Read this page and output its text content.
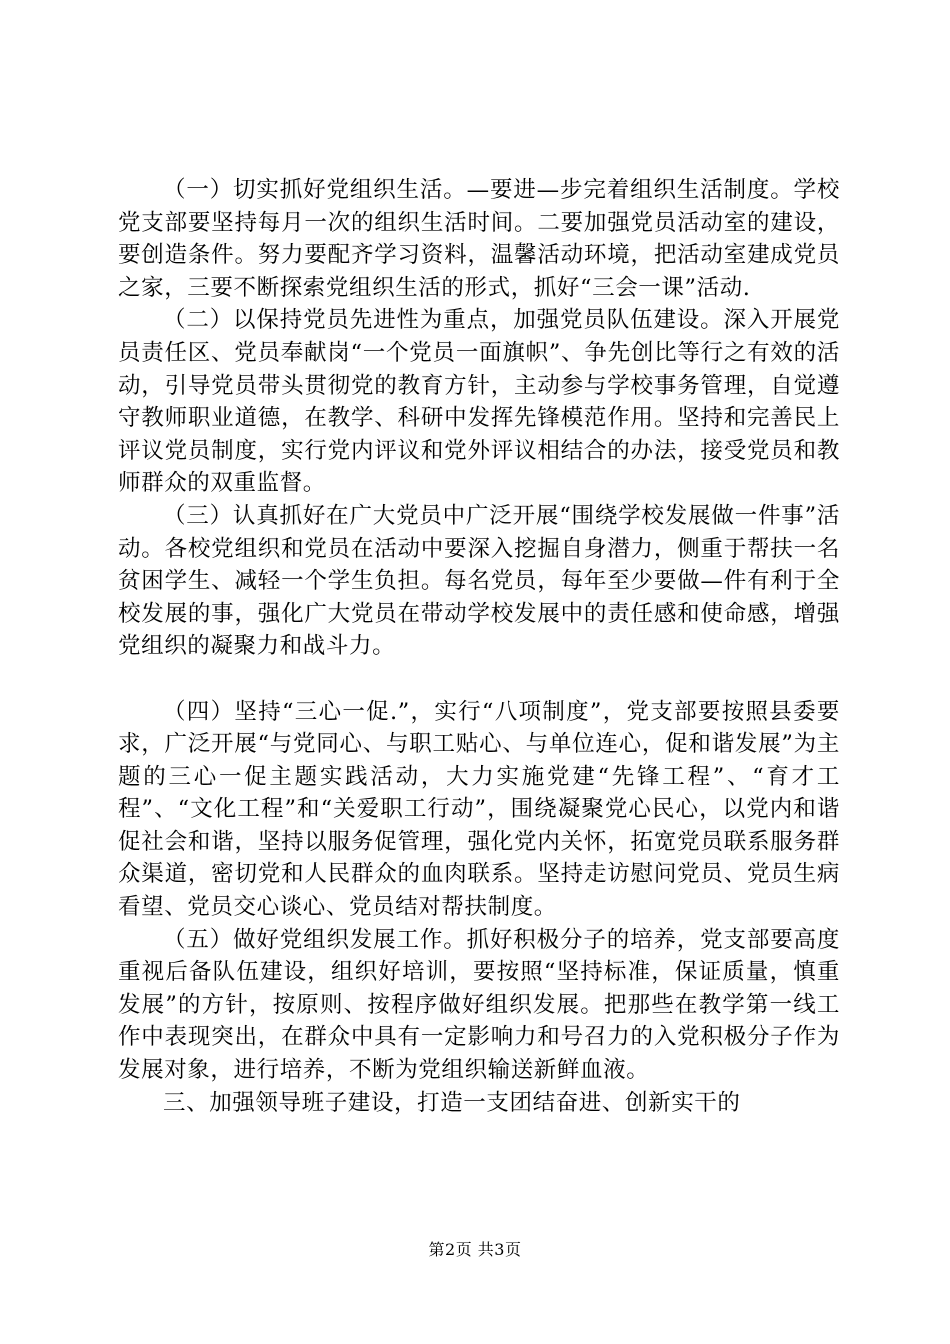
（一）切实抓好党组织生活。—要进—步完着组织生活制度。学校党支部要坚持每月一次的组织生活时间。二要加强党员活动室的建设，要创造条件。努力要配齐学习资料，温馨活动环境，把活动室建成党员之家，三要不断探索党组织生活的形式，抓好“三会一课”活动.

（二）以保持党员先进性为重点，加强党员队伍建设。深入开展党员责任区、党员奉献岗“一个党员一面旗帜”、争先创比等行之有效的活动，引导党员带头贯彻党的教育方针，主动参与学校事务管理，自觉遵守教师职业道德，在教学、科研中发挥先锋模范作用。坚持和完善民上评议党员制度，实行党内评议和党外评议相结合的办法，接受党员和教师群众的双重监督。

（三）认真抓好在广大党员中广泛开展“围绕学校发展做一件事”活动。各校党组织和党员在活动中要深入挖掘自身潜力，侧重于帮扶一名贫困学生、减轻一个学生负担。每名党员，每年至少要做—件有利于全校发展的事，强化广大党员在带动学校发展中的责任感和使命感，增强党组织的凝聚力和战斗力。

（四）坚持“三心一促.”，实行“八项制度”，党支部要按照县委要求，广泛开展“与党同心、与职工贴心、与单位连心，促和谐发展”为主题的三心一促主题实践活动，大力实施党建“先锋工程”、“育才工程”、“文化工程”和“关爱职工行动”，围绕凝聚党心民心，以党内和谐促社会和谐，坚持以服务促管理，强化党内关怀，拓宽党员联系服务群众渠道，密切党和人民群众的血肉联系。坚持走访慰问党员、党员生病看望、党员交心谈心、党员结对帮扶制度。

（五）做好党组织发展工作。抓好积极分子的培养，党支部要高度重视后备队伍建设，组织好培训，要按照“坚持标准，保证质量，慎重发展”的方针，按原则、按程序做好组织发展。把那些在教学第一线工作中表现突出，在群众中具有一定影响力和号召力的入党积极分子作为发展对象，进行培养，不断为党组织输送新鲜血液。

三、加强领导班子建设，打造一支团结奋进、创新实干的

第2页 共3页
